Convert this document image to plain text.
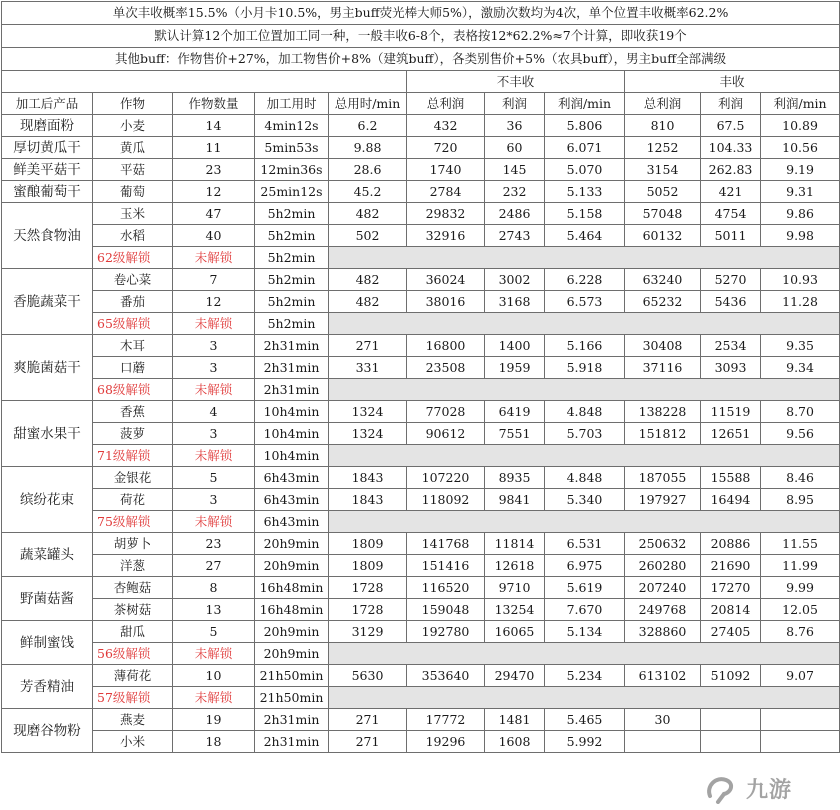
单次丰收概率15.5%（小月卡10.5%，男主buff荧光棒大师5%），激励次数均为4次，单个位置丰收概率62.2%										
默认计算12个加工位置加工同一种，一般丰收6-8个，表格按12*62.2%≈7个计算，即收获19个										
其他buff：作物售价+27%，加工物售价+8%（建筑buff），各类别售价+5%（农具buff），男主buff全部满级										
					不丰收			丰收		
加工后产品	作物	作物数量	加工用时	总用时/min	总利润	利润	利润/min	总利润	利润	利润/min
现磨面粉	小麦	14	4min12s	6.2	432	36	5.806	810	67.5	10.89
厚切黄瓜干	黄瓜	11	5min53s	9.88	720	60	6.071	1252	104.33	10.56
鲜美平菇干	平菇	23	12min36s	28.6	1740	145	5.070	3154	262.83	9.19
蜜酿葡萄干	葡萄	12	25min12s	45.2	2784	232	5.133	5052	421	9.31
天然食物油	玉米	47	5h2min	482	29832	2486	5.158	57048	4754	9.86
	水稻	40	5h2min	502	32916	2743	5.464	60132	5011	9.98
	62级解锁	未解锁	5h2min							
香脆蔬菜干	卷心菜	7	5h2min	482	36024	3002	6.228	63240	5270	10.93
	番茄	12	5h2min	482	38016	3168	6.573	65232	5436	11.28
	65级解锁	未解锁	5h2min							
爽脆菌菇干	木耳	3	2h31min	271	16800	1400	5.166	30408	2534	9.35
	口蘑	3	2h31min	331	23508	1959	5.918	37116	3093	9.34
	68级解锁	未解锁	2h31min							
甜蜜水果干	香蕉	4	10h4min	1324	77028	6419	4.848	138228	11519	8.70
	菠萝	3	10h4min	1324	90612	7551	5.703	151812	12651	9.56
	71级解锁	未解锁	10h4min							
缤纷花束	金银花	5	6h43min	1843	107220	8935	4.848	187055	15588	8.46
	荷花	3	6h43min	1843	118092	9841	5.340	197927	16494	8.95
	75级解锁	未解锁	6h43min							
蔬菜罐头	胡萝卜	23	20h9min	1809	141768	11814	6.531	250632	20886	11.55
	洋葱	27	20h9min	1809	151416	12618	6.975	260280	21690	11.99
野菌菇酱	杏鲍菇	8	16h48min	1728	116520	9710	5.619	207240	17270	9.99
	茶树菇	13	16h48min	1728	159048	13254	7.670	249768	20814	12.05
鲜制蜜饯	甜瓜	5	20h9min	3129	192780	16065	5.134	328860	27405	8.76
	56级解锁	未解锁	20h9min							
芳香精油	薄荷花	10	21h50min	5630	353640	29470	5.234	613102	51092	9.07
	57级解锁	未解锁	21h50min							
现磨谷物粉	燕麦	19	2h31min	271	17772	1481	5.465	30		
	小米	18	2h31min	271	19296	1608	5.992			
九游
